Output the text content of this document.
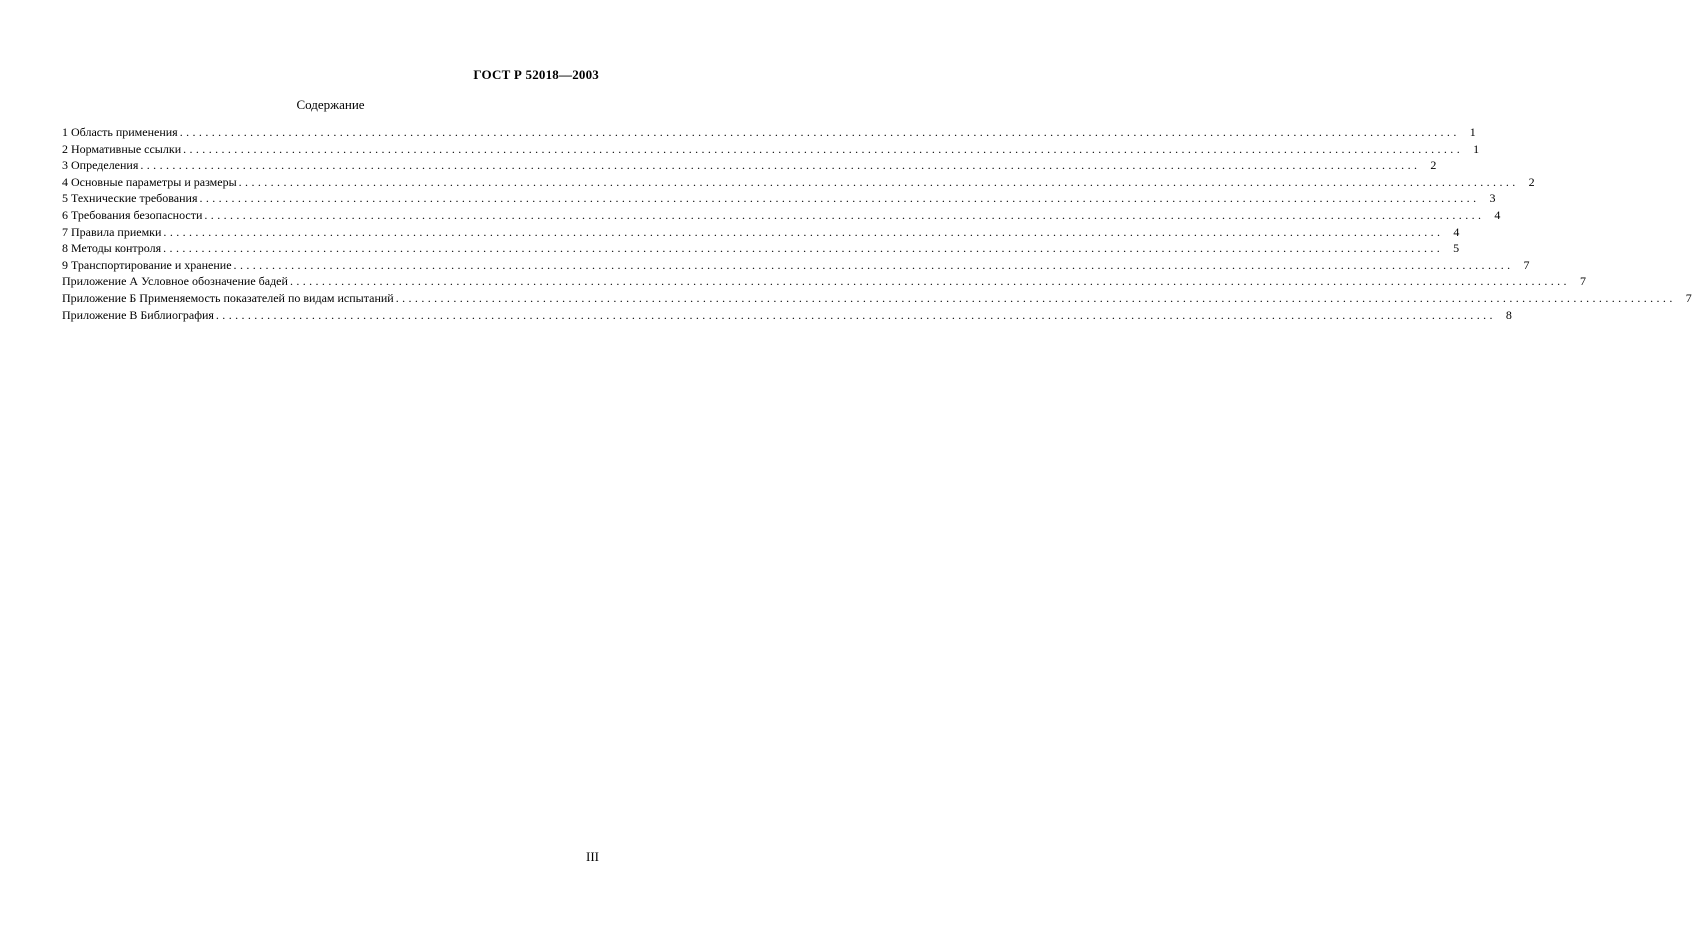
ГОСТ Р 52018—2003
Содержание
1 Область применения ........................................................................................................................................................................................................ 1
2 Нормативные ссылки ........................................................................................................................................................................................................ 1
3 Определения ........................................................................................................................................................................................................ 2
4 Основные параметры и размеры ........................................................................................................................................................................................................ 2
5 Технические требования ........................................................................................................................................................................................................ 3
6 Требования безопасности ........................................................................................................................................................................................................ 4
7 Правила приемки ........................................................................................................................................................................................................ 4
8 Методы контроля ........................................................................................................................................................................................................ 5
9 Транспортирование и хранение ........................................................................................................................................................................................................ 7
Приложение А Условное обозначение бадей ........................................................................................................................................................................................................ 7
Приложение Б Применяемость показателей по видам испытаний ........................................................................................................................................................................................................ 7
Приложение В Библиография ........................................................................................................................................................................................................ 8
III
